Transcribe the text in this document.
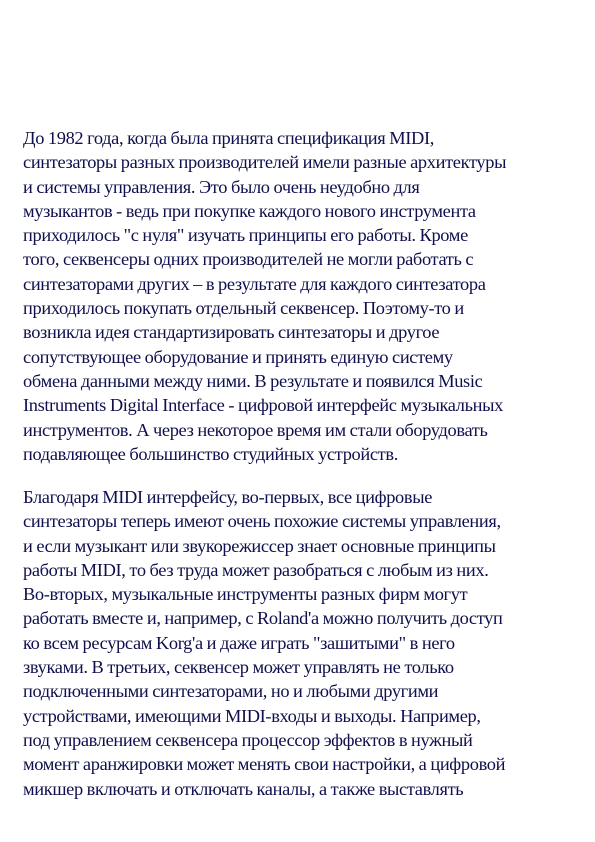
До 1982 года, когда была принята спецификация MIDI,
синтезаторы разных производителей имели разные архитектуры
и системы управления. Это было очень неудобно для
музыкантов - ведь при покупке каждого нового инструмента
приходилось "с нуля" изучать принципы его работы. Кроме
того, секвенсеры одних производителей не могли работать с
синтезаторами других – в результате для каждого синтезатора
приходилось покупать отдельный секвенсер. Поэтому-то и
возникла идея стандартизировать синтезаторы и другое
сопутствующее оборудование и принять единую систему
обмена данными между ними. В результате и появился Music
Instruments Digital Interface - цифровой интерфейс музыкальных
инструментов. А через некоторое время им стали оборудовать
подавляющее большинство студийных устройств.
Благодаря MIDI интерфейсу, во-первых, все цифровые
синтезаторы теперь имеют очень похожие системы управления,
и если музыкант или звукорежиссер знает основные принципы
работы MIDI, то без труда может разобраться с любым из них.
Во-вторых, музыкальные инструменты разных фирм могут
работать вместе и, например, с Roland'а можно получить доступ
ко всем ресурсам Korg'а и даже играть "зашитыми" в него
звуками. В третьих, секвенсер может управлять не только
подключенными синтезаторами, но и любыми другими
устройствами, имеющими MIDI-входы и выходы. Например,
под управлением секвенсера процессор эффектов в нужный
момент аранжировки может менять свои настройки, а цифровой
микшер включать и отключать каналы, а также выставлять
